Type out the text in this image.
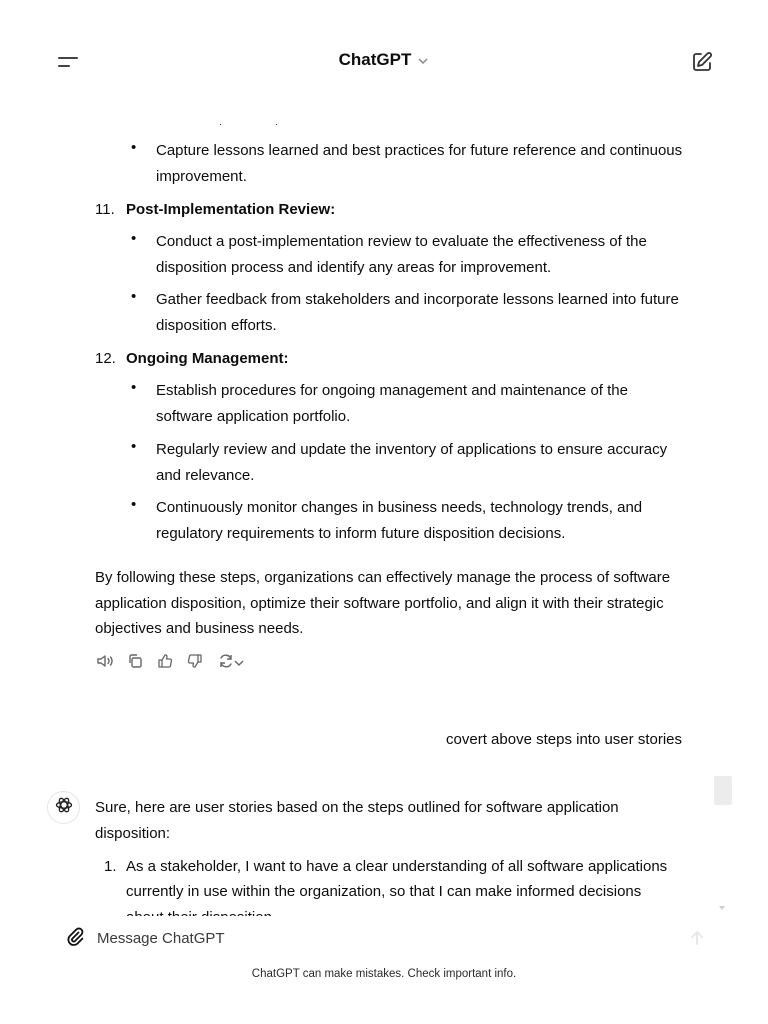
ChatGPT
• Capture lessons learned and best practices for future reference and continuous
improvement.
11. Post-Implementation Review:
• Conduct a post-implementation review to evaluate the effectiveness of the
disposition process and identify any areas for improvement.
• Gather feedback from stakeholders and incorporate lessons learned into future
disposition efforts.
12. Ongoing Management:
• Establish procedures for ongoing management and maintenance of the
software application portfolio.
• Regularly review and update the inventory of applications to ensure accuracy
and relevance.
• Continuously monitor changes in business needs, technology trends, and
regulatory requirements to inform future disposition decisions.
By following these steps, organizations can effectively manage the process of software
application disposition, optimize their software portfolio, and align it with their strategic
objectives and business needs.
covert above steps into user stories
Sure, here are user stories based on the steps outlined for software application
disposition:
1. As a stakeholder, I want to have a clear understanding of all software applications
currently in use within the organization, so that I can make informed decisions
Message ChatGPT
ChatGPT can make mistakes. Check important info.
